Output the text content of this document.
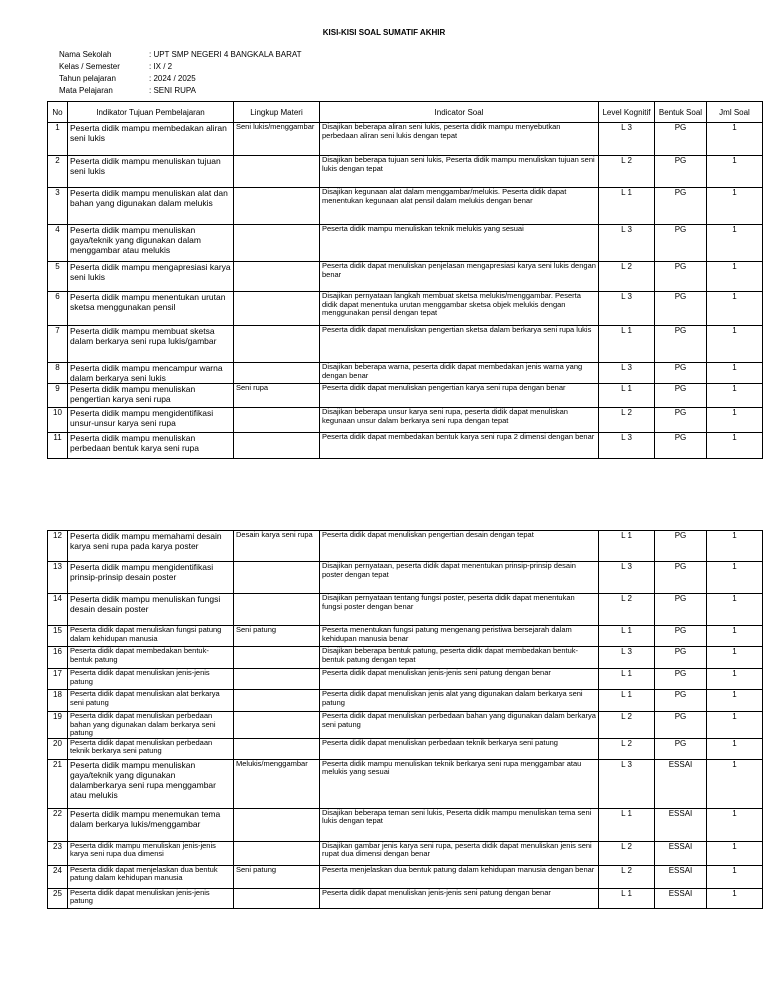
KISI-KISI SOAL SUMATIF AKHIR
Nama Sekolah	: UPT SMP NEGERI 4 BANGKALA BARAT
Kelas / Semester	: IX / 2
Tahun pelajaran	: 2024 / 2025
Mata Pelajaran	: SENI RUPA
No	Indikator Tujuan Pembelajaran	Lingkup Materi	Indicator Soal	Level Kognitif	Bentuk Soal	Jml Soal
1	Peserta didik mampu membedakan aliran seni lukis	Seni lukis/menggambar	Disajikan beberapa aliran seni lukis, peserta didik mampu menyebutkan perbedaan aliran seni lukis dengan tepat	L 3	PG	1
2	Peserta didik mampu menuliskan tujuan seni lukis		Disajikan beberapa tujuan seni lukis, Peserta didik mampu menuliskan tujuan seni lukis dengan tepat	L 2	PG	1
3	Peserta didik mampu menuliskan alat dan bahan yang digunakan dalam melukis		Disajikan kegunaan alat dalam menggambar/melukis. Peserta didik dapat menentukan kegunaan alat pensil dalam melukis dengan benar	L 1	PG	1
4	Peserta didik mampu menuliskan gaya/teknik yang digunakan dalam menggambar atau melukis		Peserta didik mampu menuliskan teknik melukis yang sesuai	L 3	PG	1
5	Peserta didik mampu mengapresiasi karya seni lukis		Peserta didik dapat menuliskan penjelasan mengapresiasi karya seni lukis dengan benar	L 2	PG	1
6	Peserta didik mampu menentukan urutan sketsa menggunakan pensil		Disajikan pernyataan langkah membuat sketsa melukis/menggambar. Peserta didik dapat menentuka urutan menggambar sketsa objek melukis dengan menggunakan pensil dengan tepat	L 3	PG	1
7	Peserta didik mampu membuat sketsa dalam berkarya seni rupa lukis/gambar		Peserta didik dapat menuliskan pengertian sketsa dalam berkarya seni rupa lukis	L 1	PG	1
8	Peserta didik mampu mencampur warna dalam berkarya seni lukis		Disajikan beberapa warna, peserta didik dapat membedakan jenis warna yang dengan benar	L 3	PG	1
9	Peserta didik mampu menuliskan pengertian karya seni rupa	Seni rupa	Peserta didik dapat menuliskan pengertian karya seni rupa dengan benar	L 1	PG	1
10	Peserta didik mampu mengidentifikasi unsur-unsur karya seni rupa		Disajikan beberapa unsur karya seni rupa, peserta didik dapat menuliskan kegunaan unsur dalam berkarya seni rupa dengan tepat	L 2	PG	1
11	Peserta didik mampu menuliskan perbedaan bentuk karya seni rupa		Peserta didik dapat membedakan bentuk karya seni rupa 2 dimensi dengan benar	L 3	PG	1
12	Peserta didik mampu memahami desain karya seni rupa pada karya poster	Desain karya seni rupa	Peserta didik dapat menuliskan pengertian desain dengan tepat	L 1	PG	1
13	Peserta didik mampu mengidentifikasi prinsip-prinsip desain poster		Disajikan pernyataan, peserta didik dapat menentukan prinsip-prinsip desain poster dengan tepat	L 3	PG	1
14	Peserta didik mampu menuliskan fungsi desain desain poster		Disajikan pernyataan tentang fungsi poster, peserta didik dapat menentukan fungsi poster dengan benar	L 2	PG	1
15	Peserta didik dapat menuliskan fungsi patung dalam kehidupan manusia	Seni patung	Peserta menentukan fungsi patung mengenang peristiwa bersejarah dalam kehidupan manusia benar	L 1	PG	1
16	Peserta didik dapat membedakan bentuk-bentuk patung		Disajikan beberapa bentuk patung, peserta didik dapat membedakan bentuk-bentuk patung dengan tepat	L 3	PG	1
17	Peserta didik dapat menuliskan jenis-jenis patung		Peserta didik dapat menuliskan jenis-jenis seni patung dengan benar	L 1	PG	1
18	Peserta didik dapat menuliskan alat berkarya seni patung		Peserta didik dapat menuliskan jenis alat yang digunakan dalam berkarya seni patung	L 1	PG	1
19	Peserta didik dapat menuliskan perbedaan bahan yang digunakan dalam berkarya seni patung		Peserta didik dapat menuliskan perbedaan bahan yang digunakan dalam berkarya seni patung	L 2	PG	1
20	Peserta didik dapat menuliskan perbedaan teknik berkarya seni patung		Peserta didik dapat menuliskan perbedaan teknik berkarya seni patung	L 2	PG	1
21	Peserta didik mampu menuliskan gaya/teknik yang digunakan dalamberkarya seni rupa menggambar atau melukis	Melukis/menggambar	Peserta didik mampu menuliskan teknik berkarya seni rupa menggambar atau melukis yang sesuai	L 3	ESSAI	1
22	Peserta didik mampu menemukan tema dalam berkarya lukis/menggambar		Disajikan beberapa teman seni lukis, Peserta didik mampu menuliskan tema seni lukis dengan tepat	L 1	ESSAI	1
23	Peserta didik mampu menuliskan jenis-jenis karya seni rupa dua dimensi		Disajikan gambar jenis karya seni rupa, peserta didik dapat menuliskan jenis seni rupat dua dimensi dengan benar	L 2	ESSAI	1
24	Peserta didik dapat menjelaskan dua bentuk patung dalam kehidupan manusia	Seni patung	Peserta menjelaskan dua bentuk patung dalam kehidupan manusia dengan benar	L 2	ESSAI	1
25	Peserta didik dapat menuliskan jenis-jenis patung		Peserta didik dapat menuliskan jenis-jenis seni patung dengan benar	L 1	ESSAI	1
